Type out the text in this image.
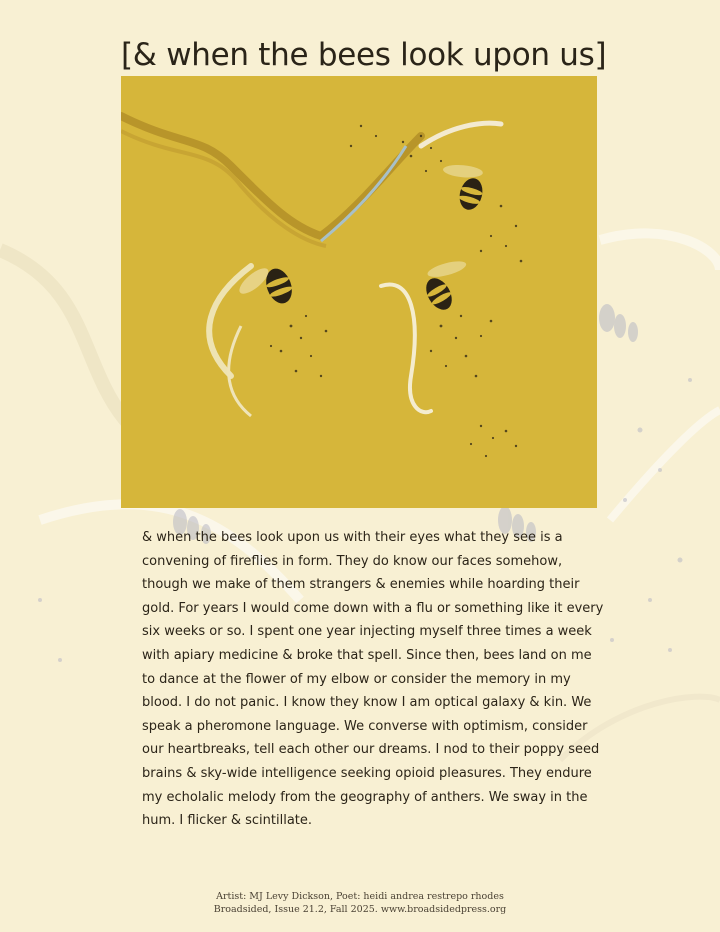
[& when the bees look upon us]
& when the bees look upon us with their eyes what they see is a
convening of fireflies in form. They do know our faces somehow,
though we make of them strangers & enemies while hoarding their
gold. For years I would come down with a flu or something like it every
six weeks or so. I spent one year injecting myself three times a week
with apiary medicine & broke that spell. Since then, bees land on me
to dance at the flower of my elbow or consider the memory in my
blood. I do not panic. I know they know I am optical galaxy & kin. We
speak a pheromone language. We converse with optimism, consider
our heartbreaks, tell each other our dreams. I nod to their poppy seed
brains & sky-wide intelligence seeking opioid pleasures. They endure
my echolalic melody from the geography of anthers. We sway in the
hum. I flicker & scintillate.
Artist: MJ Levy Dickson, Poet: heidi andrea restrepo rhodes
Broadsided, Issue 21.2, Fall 2025. www.broadsidedpress.org
